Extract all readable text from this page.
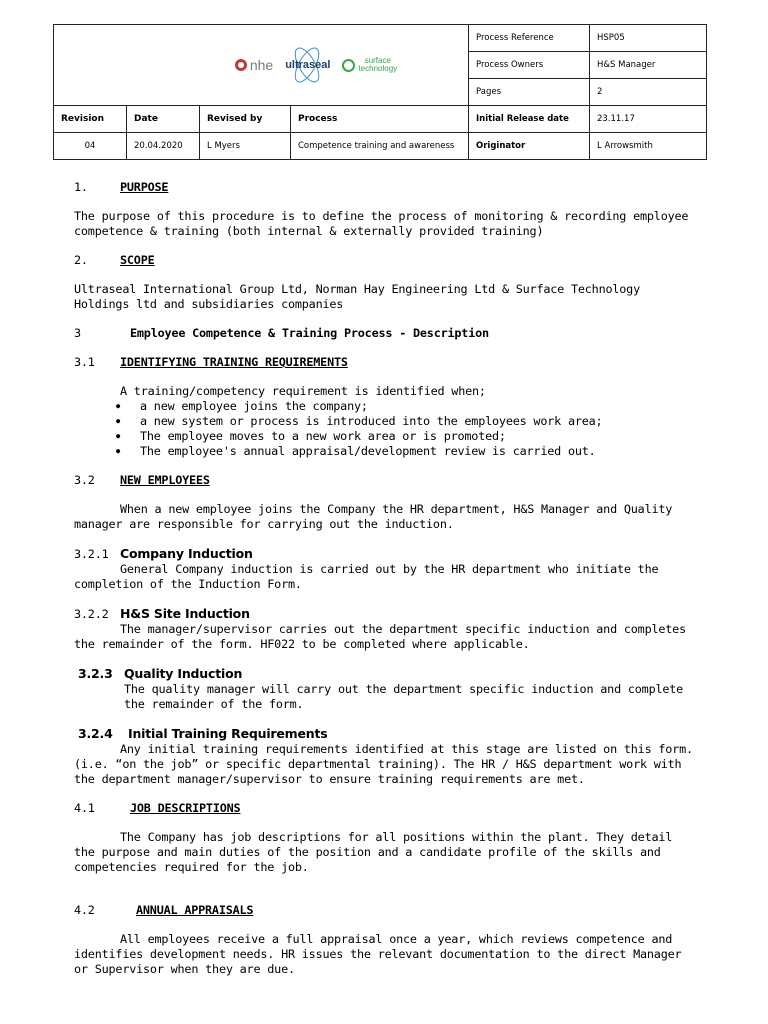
nhe ultraseal surface
technology				Process Reference	HSP05
				Process Owners	H&S Manager
				Pages	2
Revision	Date	Revised by	Process	Initial Release date	23.11.17
04	20.04.2020	L Myers	Competence training and awareness	Originator	L Arrowsmith
1.	PURPOSE

The purpose of this procedure is to define the process of monitoring & recording employee competence & training (both internal & externally provided training)

2.	SCOPE

Ultraseal International Group Ltd, Norman Hay Engineering Ltd & Surface Technology Holdings ltd and subsidiaries companies

3	Employee Competence & Training Process - Description
3.1 IDENTIFYING TRAINING REQUIREMENTS

A training/competency requirement is identified when;

● a new employee joins the company;
● a new system or process is introduced into the employees work area;
● The employee moves to a new work area or is promoted;
● The employee's annual appraisal/development review is carried out.
3.2 NEW EMPLOYEES

When a new employee joins the Company the HR department, H&S Manager and Quality manager are responsible for carrying out the induction.

3.2.1 Company Induction

General Company induction is carried out by the HR department who initiate the completion of the Induction Form.

3.2.2 H&S Site Induction

The manager/supervisor carries out the department specific induction and completes the remainder of the form. HF022 to be completed where applicable.

3.2.3 Quality Induction

The quality manager will carry out the department specific induction and complete the remainder of the form.

3.2.4 Initial Training Requirements

Any initial training requirements identified at this stage are listed on this form. (i.e. “on the job” or specific departmental training). The HR / H&S department work with the department manager/supervisor to ensure training requirements are met.

4.1	JOB DESCRIPTIONS

The Company has job descriptions for all positions within the plant. They detail the purpose and main duties of the position and a candidate profile of the skills and competencies required for the job.

4.2	ANNUAL APPRAISALS

All employees receive a full appraisal once a year, which reviews competence and identifies development needs. HR issues the relevant documentation to the direct Manager or Supervisor when they are due.
